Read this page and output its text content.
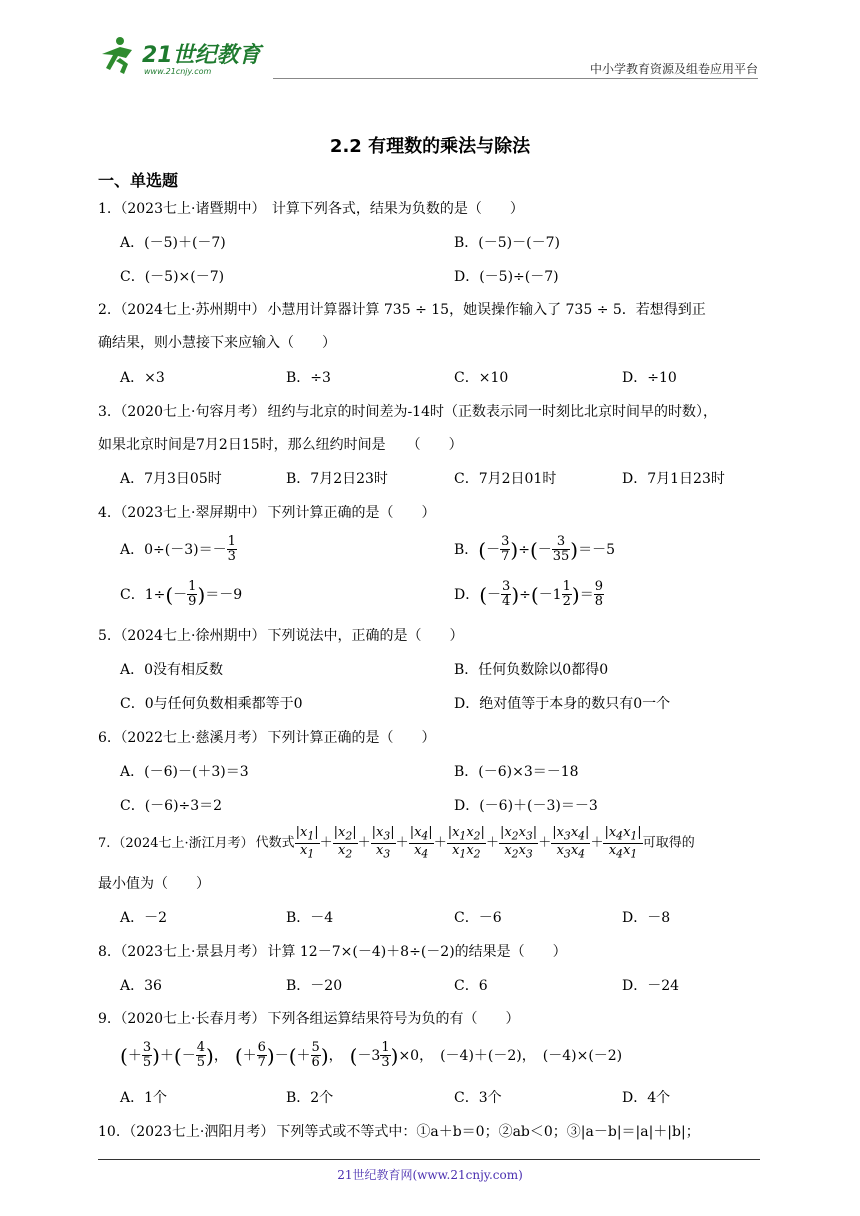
21世纪教育
www.21cnjy.com	中小学教育资源及组卷应用平台
2.2 有理数的乘法与除法
一、单选题
1. （2023七上·诸暨期中） 计算下列各式，结果为负数的是（　　）
A．(－5)＋(－7)	B．(－5)－(－7)
C．(－5)×(－7)	D．(－5)÷(－7)
2. （2024七上·苏州期中） 小慧用计算器计算 735 ÷ 15，她误操作输入了 735 ÷ 5．若想得到正
确结果，则小慧接下来应输入（　　）
A．×3	B．÷3	C．×10	D．÷10
3. （2020七上·句容月考） 纽约与北京的时间差为-14时（正数表示同一时刻比北京时间早的时数），
如果北京时间是7月2日15时，那么纽约时间是　　（　　）
A．7月3日05时	B．7月2日23时	C．7月2日01时	D．7月1日23时
4. （2023七上·翠屏期中） 下列计算正确的是（　　）
A．$0\div(-3)=- \frac{1}{3}$	B．(－ $\frac{3}{7}$ )÷(－ $\frac{3}{35} )=-5$
C．$1\div(- \frac{1}{9} )=-9$	D．(－ $\frac{3}{4} )\div(-1 \frac{1}{2}$ )＝ $\frac{9}{8}$
5. （2024七上·徐州期中） 下列说法中，正确的是（　　）
A．0没有相反数	B．任何负数除以0都得0
C．0与任何负数相乘都等于0	D．绝对值等于本身的数只有0一个
6. （2022七上·慈溪月考） 下列计算正确的是（　　）
A．(－6)－(＋3)＝3	B．(－6)×3＝－18
C．(－6)÷3＝2	D．(－6)＋(－3)＝－3
7. （2024七上·浙江月考） 代数式 $\frac{|x_1|}{x_1} + \frac{|x_2|}{x_2} + \frac{|x_3|}{x_3} + \frac{|x_4|}{x_4} + \frac{|x_1x_2|}{x_1x_2} + \frac{|x_2x_3|}{x_2x_3} + \frac{|x_3x_4|}{x_3x_4} + \frac{|x_4x_1|}{x_4x_1}$ 可取得的
最小值为（　　）
A．－2	B．－4	C．－6	D．－8
8. （2023七上·景县月考） 计算 12－7×(－4)＋8÷(－2)的结果是（　　）
A．36	B．－20	C．6	D．－24
9. （2020七上·长春月考） 下列各组运算结果符号为负的有（　　）
(＋ $\frac{3}{5}$ )＋(－ $\frac{4}{5}$ )，　(＋ $\frac{6}{7}$ )－(＋ $\frac{5}{6}$ )，　$(-3 \frac{1}{3} )\times 0$，　(－4)＋(－2)，　(－4)×(－2)
A．1个	B．2个	C．3个	D．4个
10. （2023七上·泗阳月考） 下列等式或不等式中：①a＋b＝0；②ab＜0；③|a－b|＝|a|＋|b|；
21世纪教育网(www.21cnjy.com)
